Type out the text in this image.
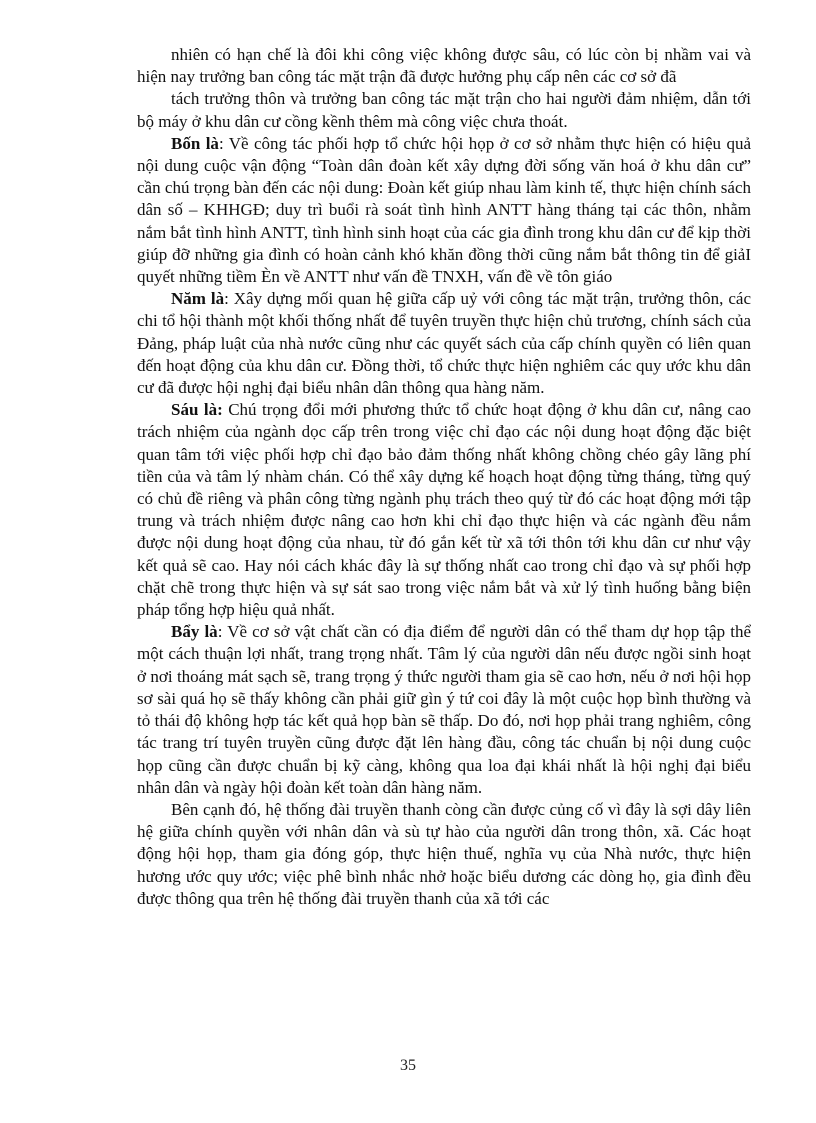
nhiên có hạn chế là đôi khi công việc không được sâu, có lúc còn bị nhầm vai và hiện nay trưởng ban công tác mặt trận đã được hưởng phụ cấp nên các cơ sở đã

tách trưởng thôn và trưởng ban công tác mặt trận cho hai người đảm nhiệm, dẫn tới bộ máy ở khu dân cư cồng kềnh thêm mà công việc chưa thoát.

Bốn là: Về công tác phối hợp tổ chức hội họp ở cơ sở nhằm thực hiện có hiệu quả nội dung cuộc vận động “Toàn dân đoàn kết xây dựng đời sống văn hoá ở khu dân cư” cần chú trọng bàn đến các nội dung: Đoàn kết giúp nhau làm kinh tế, thực hiện chính sách dân số – KHHGĐ; duy trì buổi rà soát tình hình ANTT hàng tháng tại các thôn, nhằm nắm bắt tình hình ANTT, tình hình sinh hoạt của các gia đình trong khu dân cư để kịp thời giúp đỡ những gia đình có hoàn cảnh khó khăn đồng thời cũng nắm bắt thông tin để giảI quyết những tiềm Èn về ANTT như vấn đề TNXH, vấn đề về tôn giáo

Năm là: Xây dựng mối quan hệ giữa cấp uỷ với công tác mặt trận, trưởng thôn, các chi tổ hội thành một khối thống nhất để tuyên truyền thực hiện chủ trương, chính sách của Đảng, pháp luật của nhà nước cũng như các quyết sách của cấp chính quyền có liên quan đến hoạt động của khu dân cư. Đồng thời, tổ chức thực hiện nghiêm các quy ước khu dân cư đã được hội nghị đại biểu nhân dân thông qua hàng năm.

Sáu là: Chú trọng đổi mới phương thức tổ chức hoạt động ở khu dân cư, nâng cao trách nhiệm của ngành dọc cấp trên trong việc chỉ đạo các nội dung hoạt động đặc biệt quan tâm tới việc phối hợp chỉ đạo bảo đảm thống nhất không chồng chéo gây lãng phí tiền của và tâm lý nhàm chán. Có thể xây dựng kế hoạch hoạt động từng tháng, từng quý có chủ đề riêng và phân công từng ngành phụ trách theo quý từ đó các hoạt động mới tập trung và trách nhiệm được nâng cao hơn khi chỉ đạo thực hiện và các ngành đều nắm được nội dung hoạt động của nhau, từ đó gắn kết từ xã tới thôn tới khu dân cư như vậy kết quả sẽ cao. Hay nói cách khác đây là sự thống nhất cao trong chỉ đạo và sự phối hợp chặt chẽ trong thực hiện và sự sát sao trong việc nắm bắt và xử lý tình huống bằng biện pháp tổng hợp hiệu quả nhất.

Bẩy là: Về cơ sở vật chất cần có địa điểm để người dân có thể tham dự họp tập thể một cách thuận lợi nhất, trang trọng nhất. Tâm lý của người dân nếu được ngồi sinh hoạt ở nơi thoáng mát sạch sẽ, trang trọng ý thức người tham gia sẽ cao hơn, nếu ở nơi hội họp sơ sài quá họ sẽ thấy không cần phải giữ gìn ý tứ coi đây là một cuộc họp bình thường và tỏ thái độ không hợp tác kết quả họp bàn sẽ thấp. Do đó, nơi họp phải trang nghiêm, công tác trang trí tuyên truyền cũng được đặt lên hàng đầu, công tác chuẩn bị nội dung cuộc họp cũng cần được chuẩn bị kỹ càng, không qua loa đại khái nhất là hội nghị đại biểu nhân dân và ngày hội đoàn kết toàn dân hàng năm.

Bên cạnh đó, hệ thống đài truyền thanh còng cần được củng cố vì đây là sợi dây liên hệ giữa chính quyền với nhân dân và sù tự hào của người dân trong thôn, xã. Các hoạt động hội họp, tham gia đóng góp, thực hiện thuế, nghĩa vụ của Nhà nước, thực hiện hương ước quy ước; việc phê bình nhắc nhở hoặc biểu dương các dòng họ, gia đình đều được thông qua trên hệ thống đài truyền thanh của xã tới các

35
